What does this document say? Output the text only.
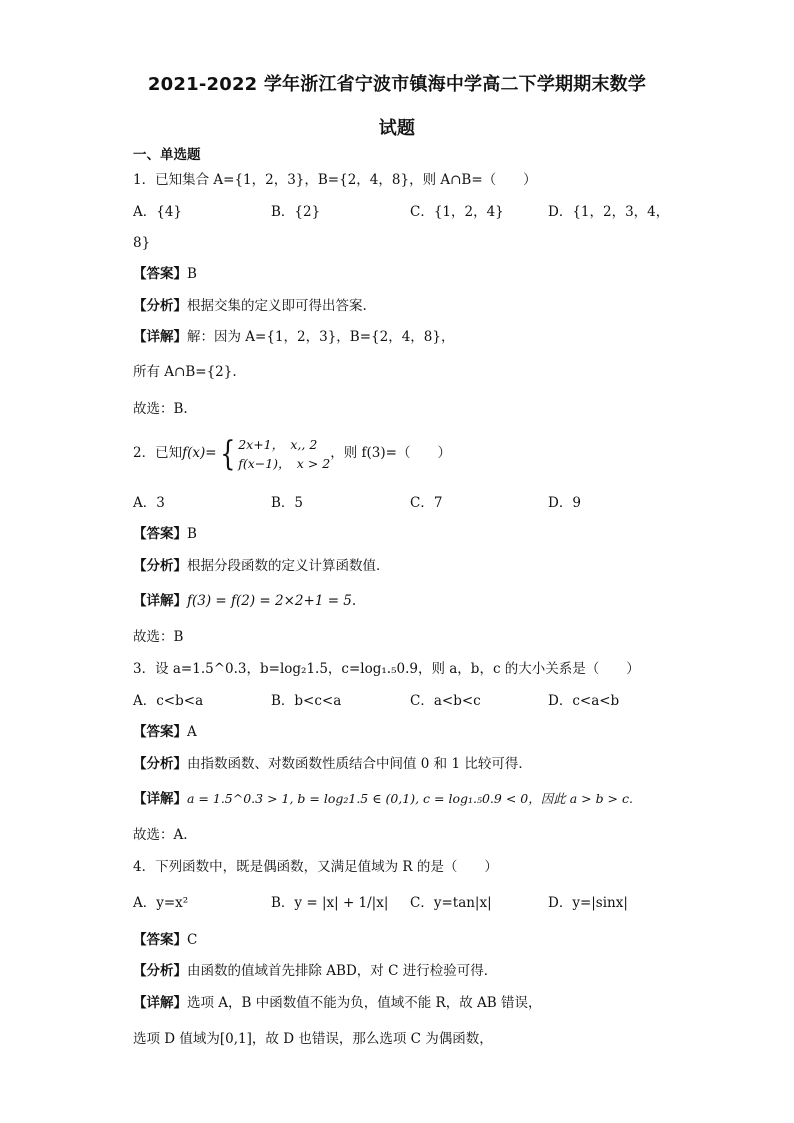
2021-2022 学年浙江省宁波市镇海中学高二下学期期末数学
试题
一、单选题
1．已知集合 A={1，2，3}，B={2，4，8}，则 A∩B=（　　）
A．{4}	B．{2}	C．{1，2，4}	D．{1，2，3，4，
8}
【答案】B
【分析】根据交集的定义即可得出答案.
【详解】解：因为 A={1，2，3}，B={2，4，8}，
所有 A∩B={2}.
故选：B.
2．已知f(x)= { 2x+1，　x,, 2
f(x−1)，　x > 2
，则 f(3)=（　　）
A．3	B．5	C．7	D．9
【答案】B
【分析】根据分段函数的定义计算函数值．
【详解】f(3) = f(2) = 2×2+1 = 5.
故选：B
3．设 a=1.5^0.3，b=log₂1.5，c=log₁.₅0.9，则 a，b，c 的大小关系是（　　）
A．c<b<a	B．b<c<a	C．a<b<c	D．c<a<b
【答案】A
【分析】由指数函数、对数函数性质结合中间值 0 和 1 比较可得．
【详解】a = 1.5^0.3 > 1, b = log₂1.5 ∈ (0,1), c = log₁.₅0.9 < 0，因此 a > b > c.
故选：A.
4．下列函数中，既是偶函数，又满足值域为 R 的是（　　）
A．y=x²	B．y = |x| + 1/|x| C．y=tan|x|	D．y=|sinx|
【答案】C
【分析】由函数的值域首先排除 ABD，对 C 进行检验可得．
【详解】选项 A，B 中函数值不能为负，值域不能 R，故 AB 错误，
选项 D 值域为[0,1]，故 D 也错误，那么选项 C 为偶函数，
